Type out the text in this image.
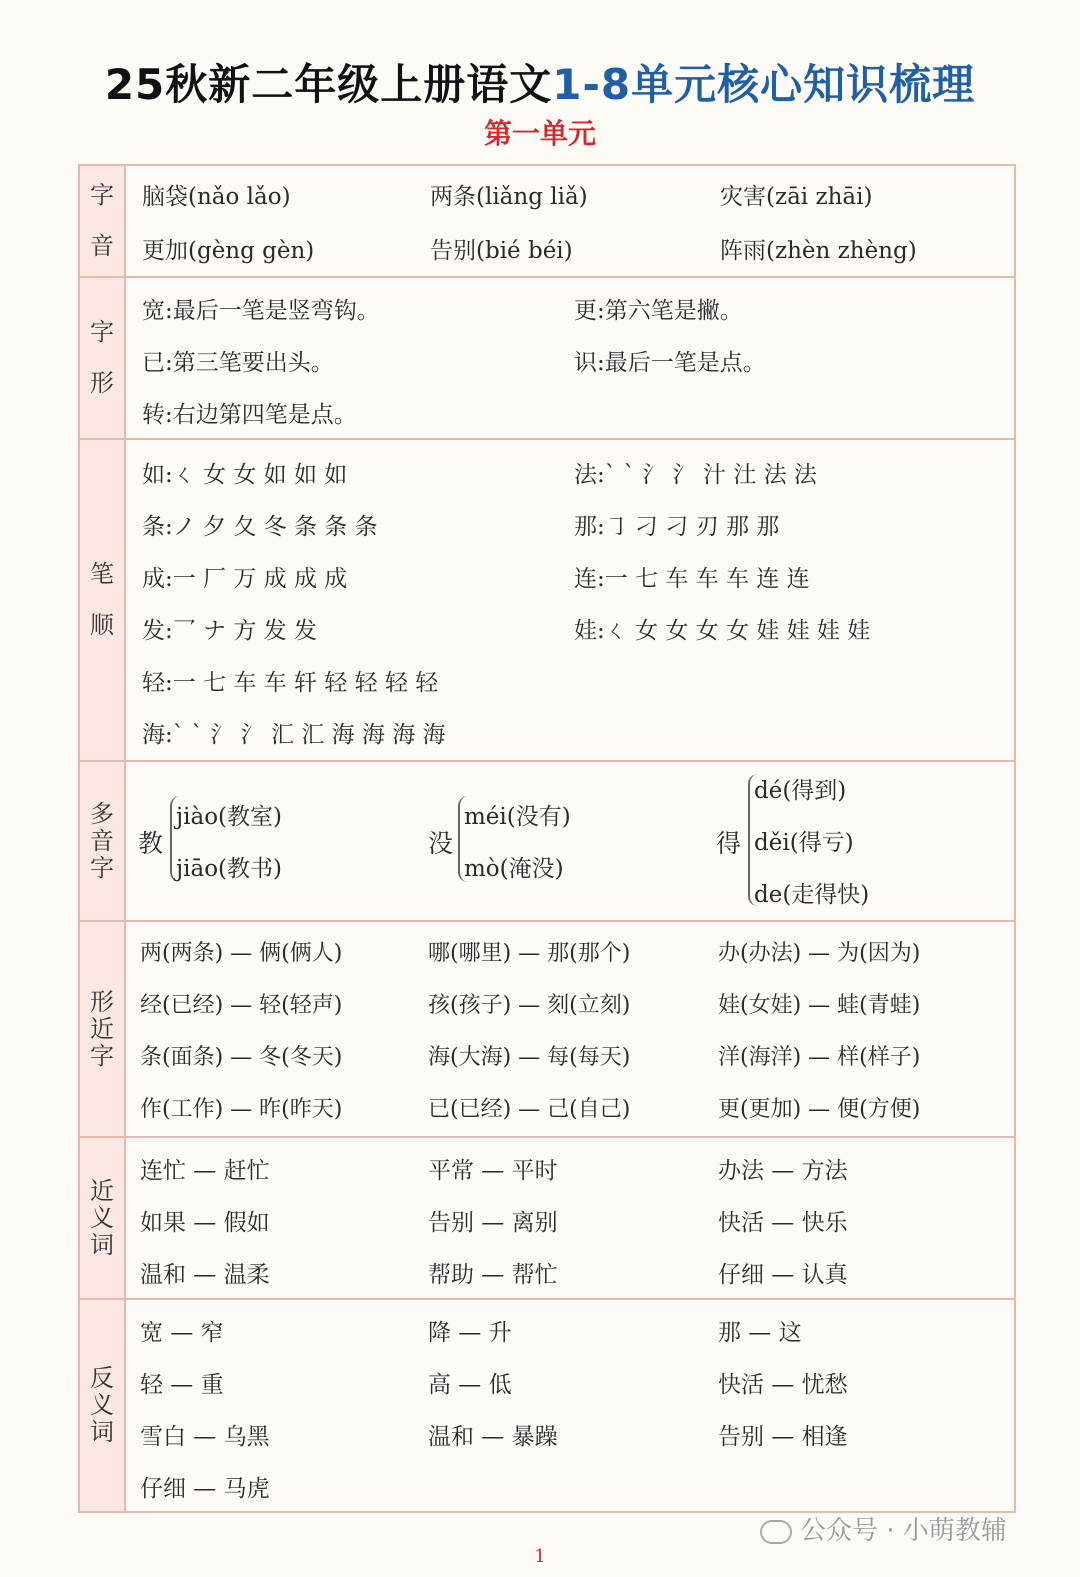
25秋新二年级上册语文1-8单元核心知识梳理
第一单元
字
音
脑袋(nǎo lǎo)	两条(liǎng liǎ)	灾害(zāi zhāi)
更加(gèng gèn)	告别(bié béi)	阵雨(zhèn zhèng)
字
形
宽:最后一笔是竖弯钩。	更:第六笔是撇。
已:第三笔要出头。	识:最后一笔是点。
转:右边第四笔是点。
笔
顺
如:ㄑ 女 女 如 如 如	法:` ˋ 氵 氵 汁 汢 法 法
条:ノ 夕 夂 冬 条 条 条	那:㇆ 刁 刁 刃 那 那
成:一 厂 万 成 成 成	连:一 七 车 车 车 连 连
发:乛 ナ 方 发 发	娃:ㄑ 女 女 女 女 娃 娃 娃 娃
轻:一 七 车 车 轩 轻 轻 轻 轻
海:` ˋ 氵 氵 汇 汇 海 海 海 海
多
音
字
教
jiào(教室)
jiāo(教书)
没
méi(没有)
mò(淹没)
得
dé(得到)
děi(得亏)
de(走得快)
形
近
字
两(两条) — 俩(俩人)	哪(哪里) — 那(那个)	办(办法) — 为(因为)
经(已经) — 轻(轻声)	孩(孩子) — 刻(立刻)	娃(女娃) — 蛙(青蛙)
条(面条) — 冬(冬天)	海(大海) — 每(每天)	洋(海洋) — 样(样子)
作(工作) — 昨(昨天)	已(已经) — 己(自己)	更(更加) — 便(方便)
近
义
词
连忙 — 赶忙	平常 — 平时	办法 — 方法
如果 — 假如	告别 — 离别	快活 — 快乐
温和 — 温柔	帮助 — 帮忙	仔细 — 认真
反
义
词
宽 — 窄	降 — 升	那 — 这
轻 — 重	高 — 低	快活 — 忧愁
雪白 — 乌黑	温和 — 暴躁	告别 — 相逢
仔细 — 马虎
公众号 · 小萌教辅
1
